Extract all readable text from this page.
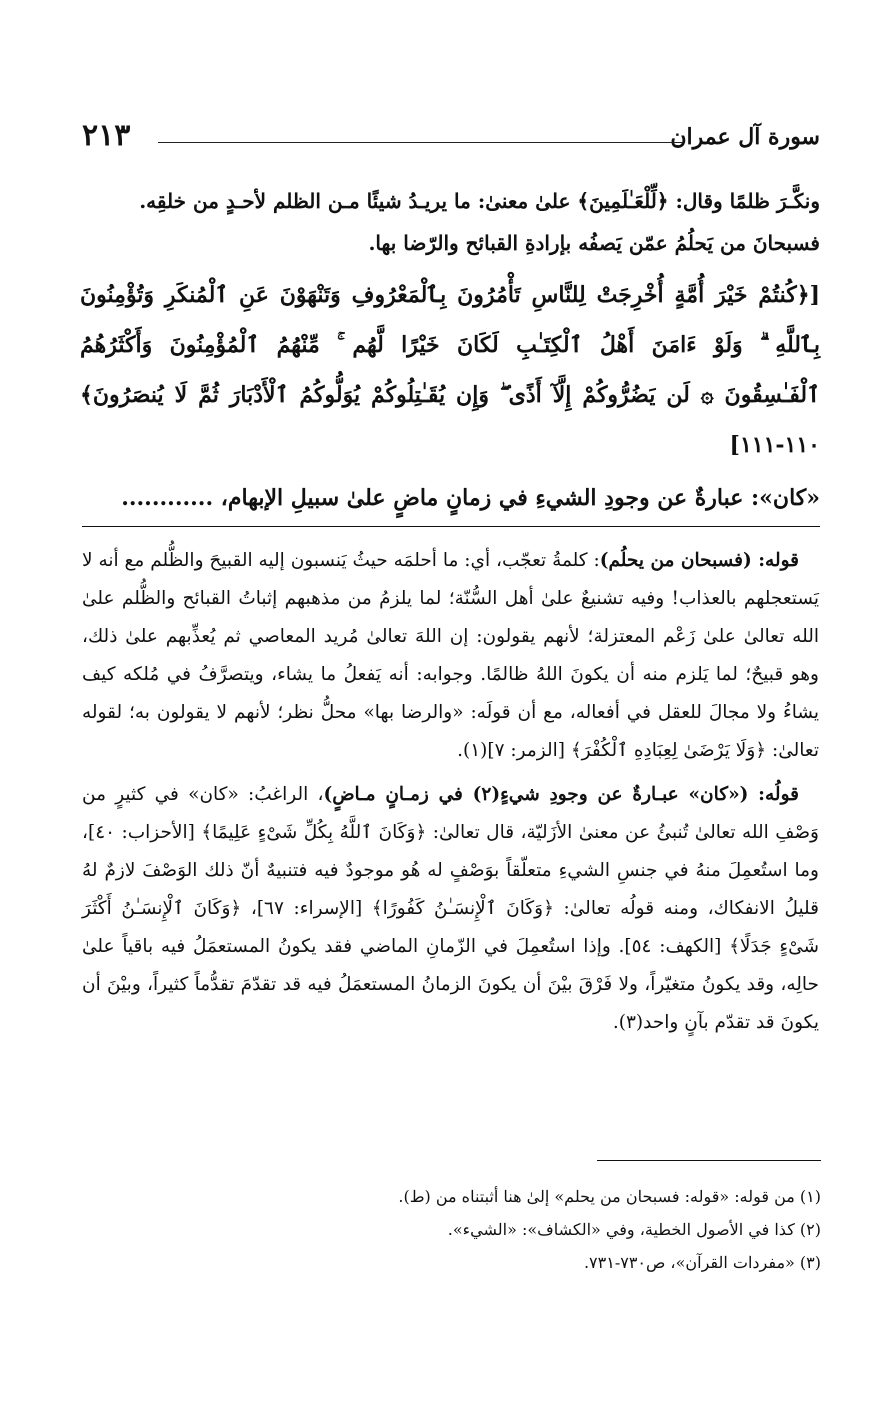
سورة آل عمران
٢١٣

ونكَّـرَ ظلمًا وقال: ﴿لِّلْعَـٰلَمِينَ﴾ علىٰ معنىٰ: ما يريـدُ شيئًا مـن الظلم لأحـدٍ من خلقِه.

فسبحانَ من يَحلُمُ عمّن يَصفُه بإرادةِ القبائح والرّضا بها.

[﴿كُنتُمْ خَيْرَ أُمَّةٍ أُخْرِجَتْ لِلنَّاسِ تَأْمُرُونَ بِٱلْمَعْرُوفِ وَتَنْهَوْنَ عَنِ ٱلْمُنكَرِ وَتُؤْمِنُونَ بِٱللَّهِ ۗ وَلَوْ ءَامَنَ أَهْلُ ٱلْكِتَـٰبِ لَكَانَ خَيْرًا لَّهُم ۚ مِّنْهُمُ ٱلْمُؤْمِنُونَ وَأَكْثَرُهُمُ ٱلْفَـٰسِقُونَ ۞ لَن يَضُرُّوكُمْ إِلَّآ أَذًى ۖ وَإِن يُقَـٰتِلُوكُمْ يُوَلُّوكُمُ ٱلْأَدْبَارَ ثُمَّ لَا يُنصَرُونَ﴾ ١١٠-١١١]

«كان»: عبارةٌ عن وجودِ الشيءِ في زمانٍ ماضٍ علىٰ سبيلِ الإبهام، ............

قوله: (فسبحان من يحلُم): كلمةُ تعجّب، أي: ما أحلمَه حيثُ يَنسبون إليه القبيحَ والظُّلم مع أنه لا يَستعجلهم بالعذاب! وفيه تشنيعٌ علىٰ أهل السُّنّة؛ لما يلزمُ من مذهبهم إثباتُ القبائح والظُّلم علىٰ الله تعالىٰ علىٰ زَعْم المعتزلة؛ لأنهم يقولون: إن اللهَ تعالىٰ مُريد المعاصي ثم يُعذِّبهم علىٰ ذلك، وهو قبيحٌ؛ لما يَلزم منه أن يكونَ اللهُ ظالمًا. وجوابه: أنه يَفعلُ ما يشاء، ويتصرَّفُ في مُلكه كيف يشاءُ ولا مجالَ للعقل في أفعاله، مع أن قولَه: «والرضا بها» محلُّ نظر؛ لأنهم لا يقولون به؛ لقوله تعالىٰ: ﴿وَلَا يَرْضَىٰ لِعِبَادِهِ ٱلْكُفْرَ﴾ [الزمر: ٧](١).

قولُه: («كان» عبـارةٌ عن وجودِ شيءٍ(٢) في زمـانٍ مـاضٍ)، الراغبُ: «كان» في كثيرٍ من وَصْفِ الله تعالىٰ تُنبئُ عن معنىٰ الأزَليّة، قال تعالىٰ: ﴿وَكَانَ ٱللَّهُ بِكُلِّ شَىْءٍ عَلِيمًا﴾ [الأحزاب: ٤٠]، وما استُعمِلَ منهُ في جنسِ الشيءِ متعلّقاً بوَصْفٍ له هُو موجودٌ فيه فتنبيهٌ أنّ ذلك الوَصْفَ لازمٌ لهُ قليلُ الانفكاك، ومنه قولُه تعالىٰ: ﴿وَكَانَ ٱلْإِنسَـٰنُ كَفُورًا﴾ [الإسراء: ٦٧]، ﴿وَكَانَ ٱلْإِنسَـٰنُ أَكْثَرَ شَىْءٍ جَدَلًا﴾ [الكهف: ٥٤]. وإذا استُعمِلَ في الزّمانِ الماضي فقد يكونُ المستعمَلُ فيه باقياً علىٰ حالِه، وقد يكونُ متغيّراً، ولا فَرْقَ بيْنَ أن يكونَ الزمانُ المستعمَلُ فيه قد تقدّمَ تقدُّماً كثيراً، وبيْنَ أن يكونَ قد تقدّم بآنٍ واحد(٣).

(١) من قوله: «قوله: فسبحان من يحلم» إلىٰ هنا أثبتناه من (ط).

(٢) كذا في الأصول الخطية، وفي «الكشاف»: «الشيء».

(٣) «مفردات القرآن»، ص٧٣٠-٧٣١.
